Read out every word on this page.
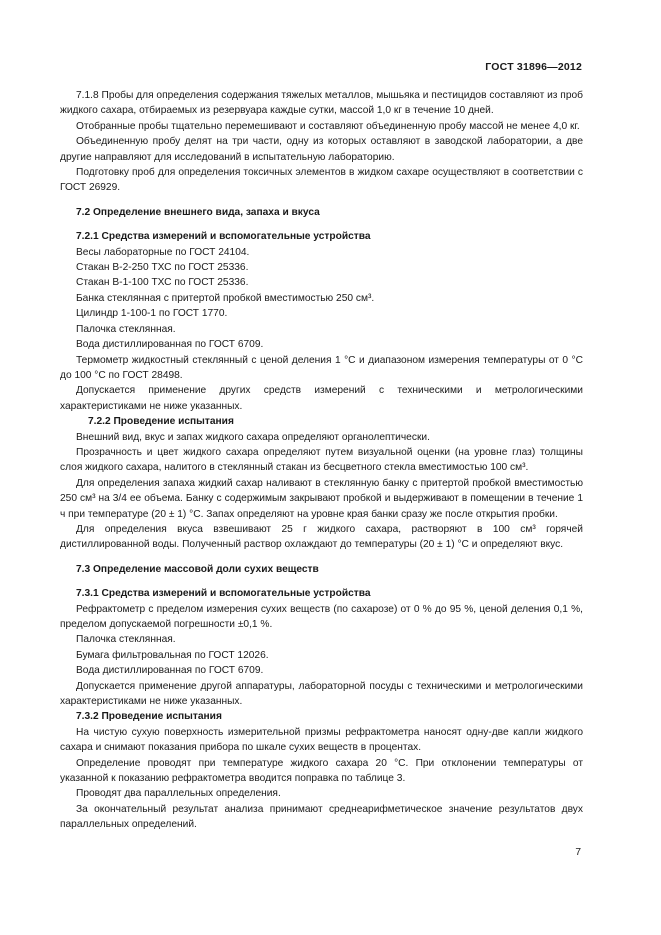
ГОСТ 31896—2012

7.1.8 Пробы для определения содержания тяжелых металлов, мышьяка и пестицидов составляют из проб жидкого сахара, отбираемых из резервуара каждые сутки, массой 1,0 кг в течение 10 дней.

Отобранные пробы тщательно перемешивают и составляют объединенную пробу массой не менее 4,0 кг.

Объединенную пробу делят на три части, одну из которых оставляют в заводской лаборатории, а две другие направляют для исследований в испытательную лабораторию.

Подготовку проб для определения токсичных элементов в жидком сахаре осуществляют в соответствии с ГОСТ 26929.

7.2 Определение внешнего вида, запаха и вкуса

7.2.1 Средства измерений и вспомогательные устройства

Весы лабораторные по ГОСТ 24104.

Стакан В-2-250 ТХС по ГОСТ 25336.

Стакан В-1-100 ТХС по ГОСТ 25336.

Банка стеклянная с притертой пробкой вместимостью 250 см³.

Цилиндр 1-100-1 по ГОСТ 1770.

Палочка стеклянная.

Вода дистиллированная по ГОСТ 6709.

Термометр жидкостный стеклянный с ценой деления 1 °С и диапазоном измерения температуры от 0 °С до 100 °С по ГОСТ 28498.

Допускается применение других средств измерений с техническими и метрологическими характеристиками не ниже указанных.

7.2.2 Проведение испытания

Внешний вид, вкус и запах жидкого сахара определяют органолептически.

Прозрачность и цвет жидкого сахара определяют путем визуальной оценки (на уровне глаз) толщины слоя жидкого сахара, налитого в стеклянный стакан из бесцветного стекла вместимостью 100 см³.

Для определения запаха жидкий сахар наливают в стеклянную банку с притертой пробкой вместимостью 250 см³ на 3/4 ее объема. Банку с содержимым закрывают пробкой и выдерживают в помещении в течение 1 ч при температуре (20 ± 1) °С. Запах определяют на уровне края банки сразу же после открытия пробки.

Для определения вкуса взвешивают 25 г жидкого сахара, растворяют в 100 см³ горячей дистиллированной воды. Полученный раствор охлаждают до температуры (20 ± 1) °С и определяют вкус.

7.3 Определение массовой доли сухих веществ

7.3.1 Средства измерений и вспомогательные устройства

Рефрактометр с пределом измерения сухих веществ (по сахарозе) от 0 % до 95 %, ценой деления 0,1 %, пределом допускаемой погрешности ±0,1 %.

Палочка стеклянная.

Бумага фильтровальная по ГОСТ 12026.

Вода дистиллированная по ГОСТ 6709.

Допускается применение другой аппаратуры, лабораторной посуды с техническими и метрологическими характеристиками не ниже указанных.

7.3.2 Проведение испытания

На чистую сухую поверхность измерительной призмы рефрактометра наносят одну-две капли жидкого сахара и снимают показания прибора по шкале сухих веществ в процентах.

Определение проводят при температуре жидкого сахара 20 °С. При отклонении температуры от указанной к показанию рефрактометра вводится поправка по таблице 3.

Проводят два параллельных определения.

За окончательный результат анализа принимают среднеарифметическое значение результатов двух параллельных определений.

7
